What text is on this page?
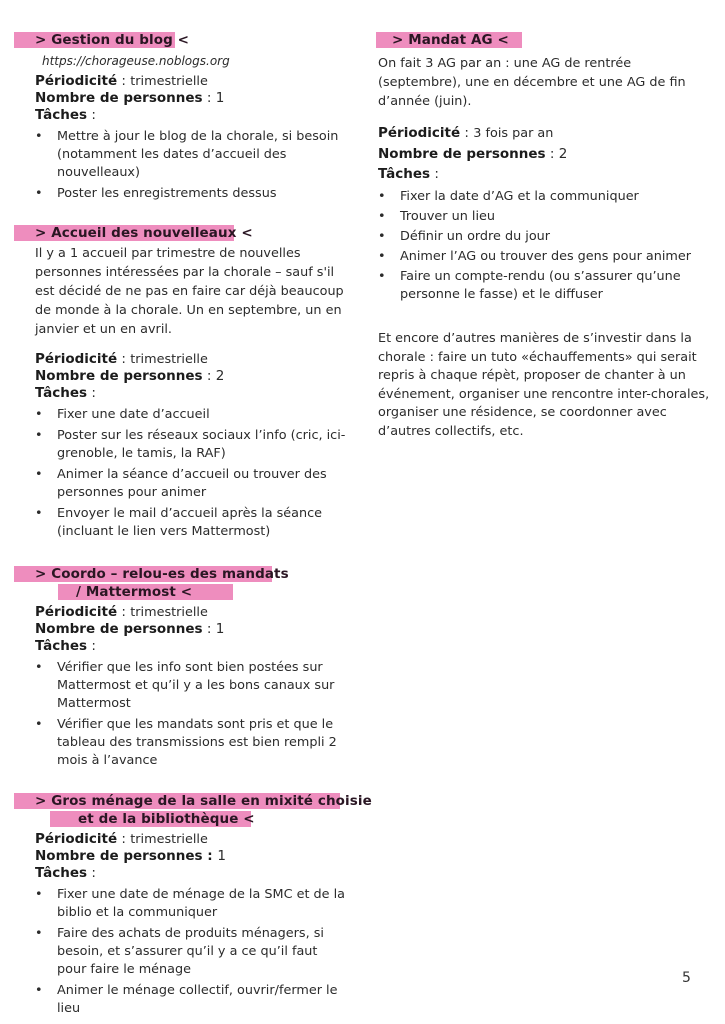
> Gestion du blog <
https://chorageuse.noblogs.org
Périodicité : trimestrielle
Nombre de personnes : 1
Tâches :
• Mettre à jour le blog de la chorale, si besoin (notamment les dates d’accueil des nouvelleaux)
• Poster les enregistrements dessus
> Accueil des nouvelleaux <
Il y a 1 accueil par trimestre de nouvelles personnes intéressées par la chorale – sauf s'il est décidé de ne pas en faire car déjà beaucoup de monde à la chorale. Un en septembre, un en janvier et un en avril.
Périodicité : trimestrielle
Nombre de personnes : 2
Tâches :
• Fixer une date d’accueil
• Poster sur les réseaux sociaux l’info (cric, ici-grenoble, le tamis, la RAF)
• Animer la séance d’accueil ou trouver des personnes pour animer
• Envoyer le mail d’accueil après la séance (incluant le lien vers Mattermost)
> Coordo – relou-es des mandats
/ Mattermost <
Périodicité : trimestrielle
Nombre de personnes : 1
Tâches :
• Vérifier que les info sont bien postées sur Mattermost et qu’il y a les bons canaux sur Mattermost
• Vérifier que les mandats sont pris et que le tableau des transmissions est bien rempli 2 mois à l’avance
> Gros ménage de la salle en mixité choisie
et de la bibliothèque <
Périodicité : trimestrielle
Nombre de personnes : 1
Tâches :
• Fixer une date de ménage de la SMC et de la biblio et la communiquer
• Faire des achats de produits ménagers, si besoin, et s’assurer qu’il y a ce qu’il faut pour faire le ménage
• Animer le ménage collectif, ouvrir/fermer le lieu
> Mandat AG <
On fait 3 AG par an : une AG de rentrée (septembre), une en décembre et une AG de fin d’année (juin).
Périodicité : 3 fois par an
Nombre de personnes : 2
Tâches :
• Fixer la date d’AG et la communiquer
• Trouver un lieu
• Définir un ordre du jour
• Animer l’AG ou trouver des gens pour animer
• Faire un compte-rendu (ou s’assurer qu’une personne le fasse) et le diffuser
Et encore d’autres manières de s’investir dans la chorale : faire un tuto «échauffements» qui serait repris à chaque répèt, proposer de chanter à un événement, organiser une rencontre inter-chorales, organiser une résidence, se coordonner avec d’autres collectifs, etc.
5
